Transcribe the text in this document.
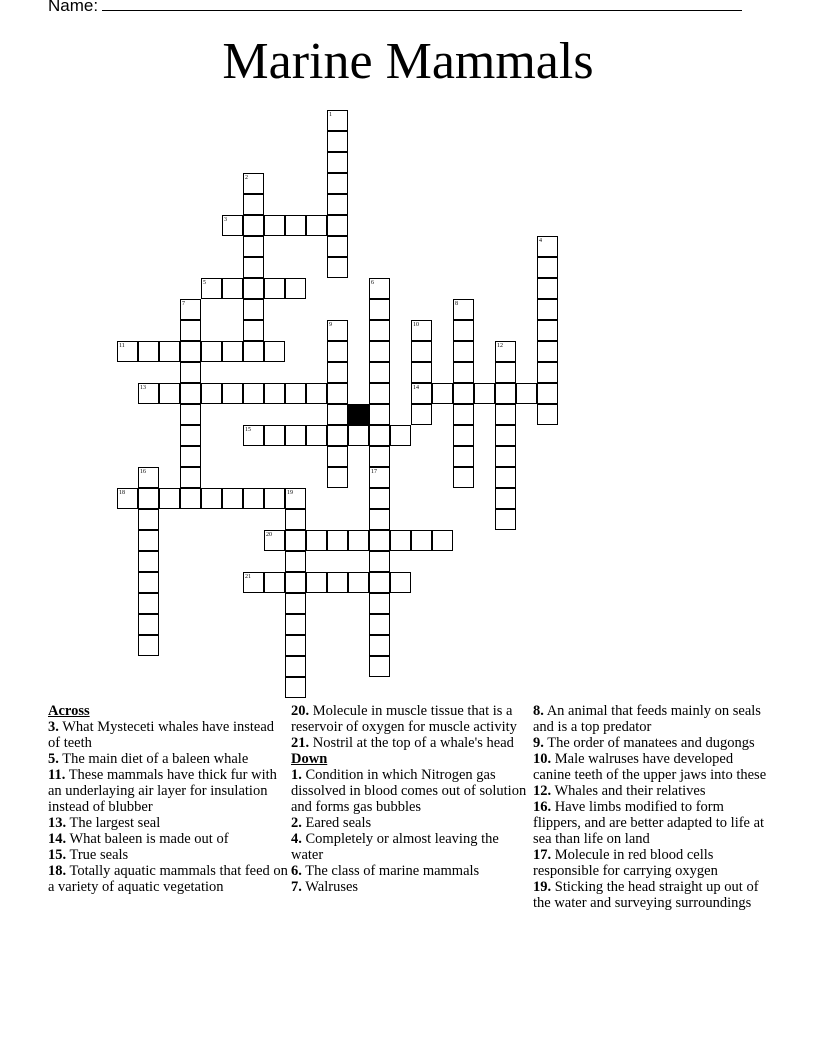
Name:
Marine Mammals
1
2
3
4
5	6
7	8
9	10
11	12
13	14
15
16	17
18	19
20
21
Across
3. What Mysteceti whales have instead of teeth
5. The main diet of a baleen whale
11. These mammals have thick fur with an underlaying air layer for insulation instead of blubber
13. The largest seal
14. What baleen is made out of
15. True seals
18. Totally aquatic mammals that feed on a variety of aquatic vegetation
20. Molecule in muscle tissue that is a reservoir of oxygen for muscle activity
21. Nostril at the top of a whale's head
Down
1. Condition in which Nitrogen gas dissolved in blood comes out of solution and forms gas bubbles
2. Eared seals
4. Completely or almost leaving the water
6. The class of marine mammals
7. Walruses
8. An animal that feeds mainly on seals and is a top predator
9. The order of manatees and dugongs
10. Male walruses have developed canine teeth of the upper jaws into these
12. Whales and their relatives
16. Have limbs modified to form flippers, and are better adapted to life at sea than life on land
17. Molecule in red blood cells responsible for carrying oxygen
19. Sticking the head straight up out of the water and surveying surroundings
